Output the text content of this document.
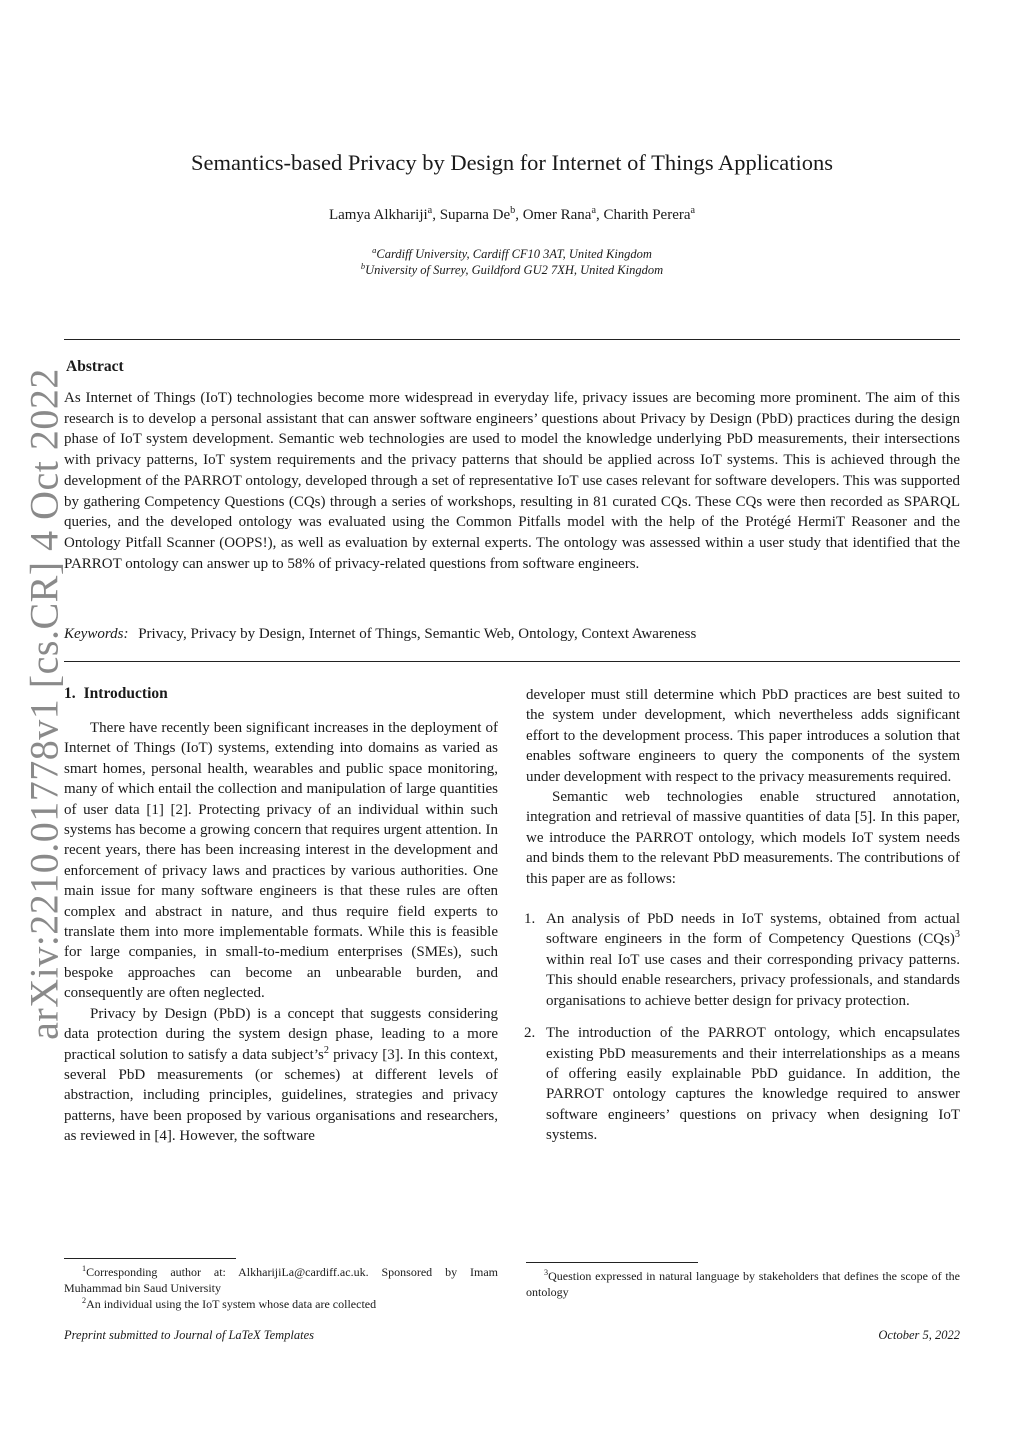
arXiv:2210.01778v1 [cs.CR] 4 Oct 2022
Semantics-based Privacy by Design for Internet of Things Applications
Lamya Alkhariji$^a$, Suparna De$^b$, Omer Rana$^a$, Charith Perera$^a$
$^a$Cardiff University, Cardiff CF10 3AT, United Kingdom
$^b$University of Surrey, Guildford GU2 7XH, United Kingdom
Abstract

As Internet of Things (IoT) technologies become more widespread in everyday life, privacy issues are becoming more prominent. The aim of this research is to develop a personal assistant that can answer software engineers’ questions about Privacy by Design (PbD) practices during the design phase of IoT system development. Semantic web technologies are used to model the knowledge underlying PbD measurements, their intersections with privacy patterns, IoT system requirements and the privacy patterns that should be applied across IoT systems. This is achieved through the development of the PARROT ontology, developed through a set of representative IoT use cases relevant for software developers. This was supported by gathering Competency Questions (CQs) through a series of workshops, resulting in 81 curated CQs. These CQs were then recorded as SPARQL queries, and the developed ontology was evaluated using the Common Pitfalls model with the help of the Protégé HermiT Reasoner and the Ontology Pitfall Scanner (OOPS!), as well as evaluation by external experts. The ontology was assessed within a user study that identified that the PARROT ontology can answer up to 58% of privacy-related questions from software engineers.

Keywords: Privacy, Privacy by Design, Internet of Things, Semantic Web, Ontology, Context Awareness
1. Introduction

There have recently been significant increases in the deployment of Internet of Things (IoT) systems, extending into domains as varied as smart homes, personal health, wearables and public space monitoring, many of which entail the collection and manipulation of large quantities of user data [1] [2]. Protecting privacy of an individual within such systems has become a growing concern that requires urgent attention. In recent years, there has been increasing interest in the development and enforcement of privacy laws and practices by various authorities. One main issue for many software engineers is that these rules are often complex and abstract in nature, and thus require field experts to translate them into more implementable formats. While this is feasible for large companies, in small-to-medium enterprises (SMEs), such bespoke approaches can become an unbearable burden, and consequently are often neglected.

Privacy by Design (PbD) is a concept that suggests considering data protection during the system design phase, leading to a more practical solution to satisfy a data $subject’s^2$ privacy [3]. In this context, several PbD measurements (or schemes) at different levels of abstraction, including principles, guidelines, strategies and privacy patterns, have been proposed by various organisations and researchers, as reviewed in [4]. However, the software

developer must still determine which PbD practices are best suited to the system under development, which nevertheless adds significant effort to the development process. This paper introduces a solution that enables software engineers to query the components of the system under development with respect to the privacy measurements required.

Semantic web technologies enable structured annotation, integration and retrieval of massive quantities of data [5]. In this paper, we introduce the PARROT ontology, which models IoT system needs and binds them to the relevant PbD measurements. The contributions of this paper are as follows:

1. An analysis of PbD needs in IoT systems, obtained from actual software engineers in the form of Competency Questions (CQs)$^3$ within real IoT use cases and their corresponding privacy patterns. This should enable researchers, privacy professionals, and standards organisations to achieve better design for privacy protection.
2. The introduction of the PARROT ontology, which encapsulates existing PbD measurements and their interrelationships as a means of offering easily explainable PbD guidance. In addition, the PARROT ontology captures the knowledge required to answer software engineers’ questions on privacy when designing IoT systems.

$^1$Corresponding author at: AlkharijiLa@cardiff.ac.uk. Sponsored by Imam Muhammad bin Saud University

$^2$An individual using the IoT system whose data are collected

$^3$Question expressed in natural language by stakeholders that defines the scope of the ontology

Preprint submitted to Journal of LaTeX Templates	October 5, 2022
